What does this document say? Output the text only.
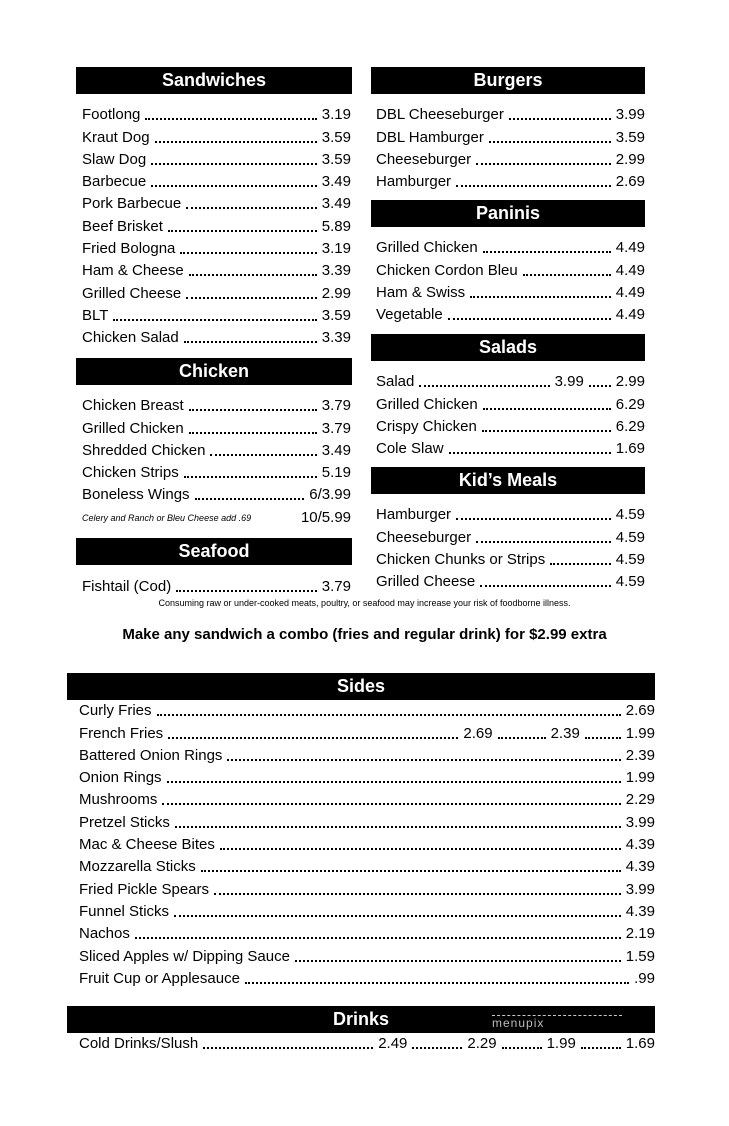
Sandwiches	Burgers
Paninis
Chicken
Salads
Kid’s Meals
Seafood
Sides
Drinks
Footlong	3.19
Kraut Dog	3.59
Slaw Dog	3.59
Barbecue	3.49
Pork Barbecue	3.49
Beef Brisket	5.89
Fried Bologna	3.19
Ham & Cheese	3.39
Grilled Cheese	2.99
BLT	3.59
Chicken Salad	3.39
Chicken Breast	3.79
Grilled Chicken	3.79
Shredded Chicken	3.49
Chicken Strips	5.19
Boneless Wings	6/3.99
Celery and Ranch or Bleu Cheese add .69	10/5.99
Fishtail (Cod)	3.79
DBL Cheeseburger	3.99
DBL Hamburger	3.59
Cheeseburger	2.99
Hamburger	2.69
Grilled Chicken	4.49
Chicken Cordon Bleu	4.49
Ham & Swiss	4.49
Vegetable	4.49
Salad	3.99 2.99
Grilled Chicken	6.29
Crispy Chicken	6.29
Cole Slaw	1.69
Hamburger	4.59
Cheeseburger	4.59
Chicken Chunks or Strips	4.59
Grilled Cheese	4.59
Consuming raw or under-cooked meats, poultry, or seafood may increase your risk of foodborne illness.
Make any sandwich a combo (fries and regular drink) for $2.99 extra
Curly Fries	2.69
French Fries	2.69	2.39	1.99
Battered Onion Rings	2.39
Onion Rings	1.99
Mushrooms	2.29
Pretzel Sticks	3.99
Mac & Cheese Bites	4.39
Mozzarella Sticks	4.39
Fried Pickle Spears	3.99
Funnel Sticks	4.39
Nachos	2.19
Sliced Apples w/ Dipping Sauce	1.59
Fruit Cup or Applesauce	.99
Cold Drinks/Slush	2.49	2.29	1.99	1.69
menupix
